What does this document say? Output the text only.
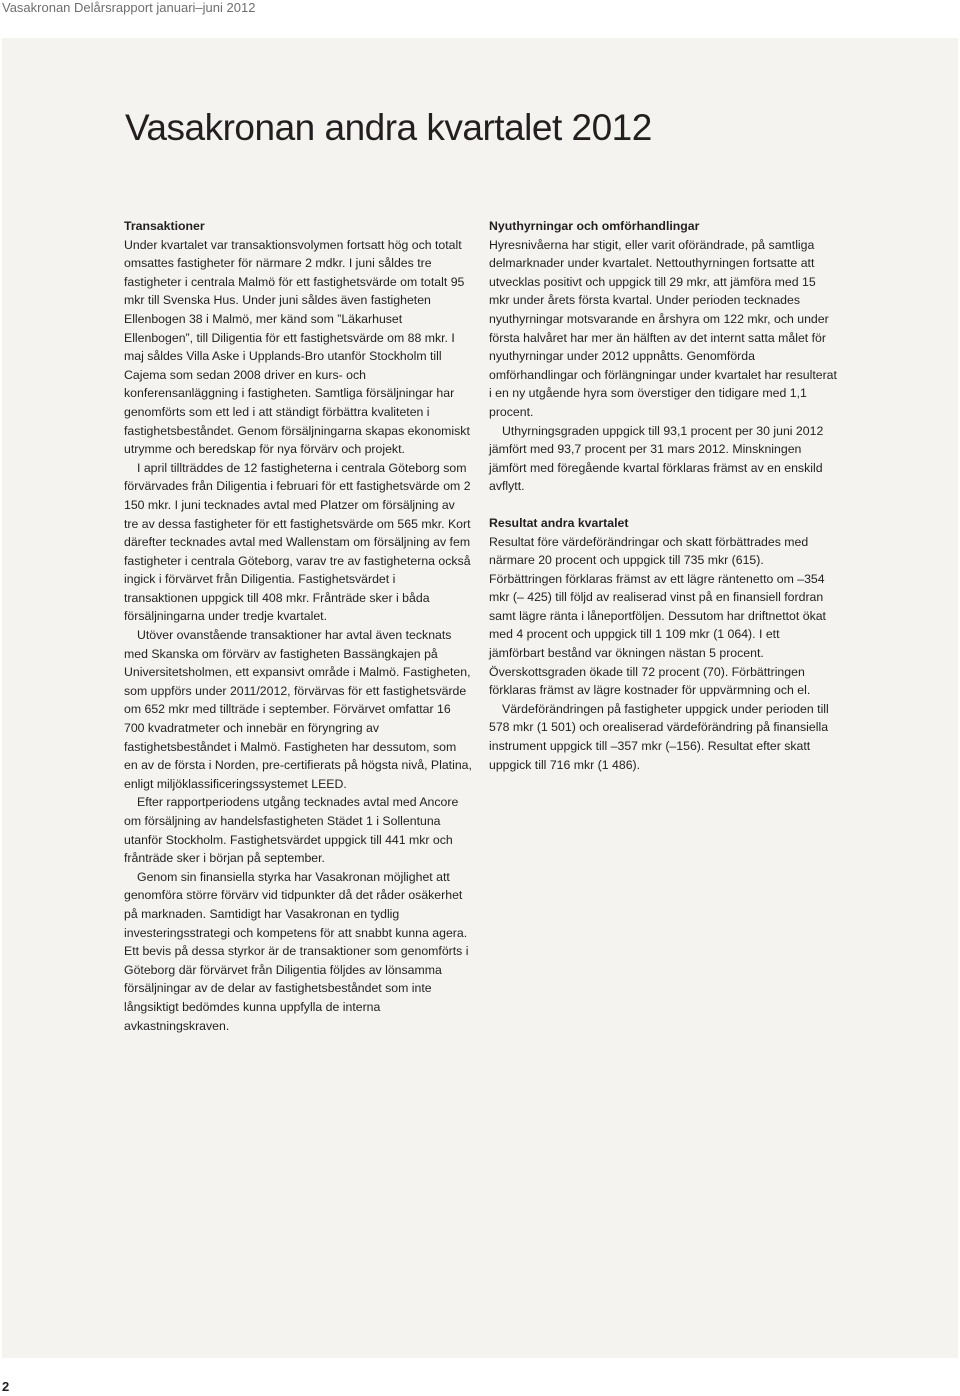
Vasakronan Delårsrapport januari–juni 2012
Vasakronan andra kvartalet 2012
Transaktioner

Under kvartalet var transaktionsvolymen fortsatt hög och totalt omsattes fastigheter för närmare 2 mdkr. I juni såldes tre fastigheter i centrala Malmö för ett fastighetsvärde om totalt 95 mkr till Svenska Hus. Under juni såldes även fastigheten Ellenbogen 38 i Malmö, mer känd som ”Läkarhuset Ellenbogen”, till Diligentia för ett fastighetsvärde om 88 mkr. I maj såldes Villa Aske i Upplands-Bro utanför Stockholm till Cajema som sedan 2008 driver en kurs- och konferensanläggning i fastigheten. Samtliga försäljningar har genomförts som ett led i att ständigt förbättra kvaliteten i fastighetsbeståndet. Genom försäljningarna skapas ekonomiskt utrymme och beredskap för nya förvärv och projekt.

I april tillträddes de 12 fastigheterna i centrala Göteborg som förvärvades från Diligentia i februari för ett fastighetsvärde om 2 150 mkr. I juni tecknades avtal med Platzer om försäljning av tre av dessa fastigheter för ett fastighetsvärde om 565 mkr. Kort därefter tecknades avtal med Wallenstam om försäljning av fem fastigheter i centrala Göteborg, varav tre av fastigheterna också ingick i förvärvet från Diligentia. Fastighetsvärdet i transaktionen uppgick till 408 mkr. Frånträde sker i båda försäljningarna under tredje kvartalet.

Utöver ovanstående transaktioner har avtal även tecknats med Skanska om förvärv av fastigheten Bassängkajen på Universitetsholmen, ett expansivt område i Malmö. Fastigheten, som uppförs under 2011/2012, förvärvas för ett fastighetsvärde om 652 mkr med tillträde i september. Förvärvet omfattar 16 700 kvadratmeter och innebär en föryngring av fastighetsbeståndet i Malmö. Fastigheten har dessutom, som en av de första i Norden, pre-certifierats på högsta nivå, Platina, enligt miljöklassificeringssystemet LEED.

Efter rapportperiodens utgång tecknades avtal med Ancore om försäljning av handelsfastigheten Städet 1 i Sollentuna utanför Stockholm. Fastighetsvärdet uppgick till 441 mkr och frånträde sker i början på september.

Genom sin finansiella styrka har Vasakronan möjlighet att genomföra större förvärv vid tidpunkter då det råder osäkerhet på marknaden. Samtidigt har Vasakronan en tydlig investeringsstrategi och kompetens för att snabbt kunna agera. Ett bevis på dessa styrkor är de transaktioner som genomförts i Göteborg där förvärvet från Diligentia följdes av lönsamma försäljningar av de delar av fastighetsbeståndet som inte långsiktigt bedömdes kunna uppfylla de interna avkastningskraven.

Nyuthyrningar och omförhandlingar

Hyresnivåerna har stigit, eller varit oförändrade, på samtliga delmarknader under kvartalet. Nettouthyrningen fortsatte att utvecklas positivt och uppgick till 29 mkr, att jämföra med 15 mkr under årets första kvartal. Under perioden tecknades nyuthyrningar motsvarande en årshyra om 122 mkr, och under första halvåret har mer än hälften av det internt satta målet för nyuthyrningar under 2012 uppnåtts. Genomförda omförhandlingar och förlängningar under kvartalet har resulterat i en ny utgående hyra som överstiger den tidigare med 1,1 procent.

Uthyrningsgraden uppgick till 93,1 procent per 30 juni 2012 jämfört med 93,7 procent per 31 mars 2012. Minskningen jämfört med föregående kvartal förklaras främst av en enskild avflytt.

Resultat andra kvartalet

Resultat före värdeförändringar och skatt förbättrades med närmare 20 procent och uppgick till 735 mkr (615). Förbättringen förklaras främst av ett lägre räntenetto om –354 mkr (– 425) till följd av realiserad vinst på en finansiell fordran samt lägre ränta i låneportföljen. Dessutom har driftnettot ökat med 4 procent och uppgick till 1 109 mkr (1 064). I ett jämförbart bestånd var ökningen nästan 5 procent. Överskottsgraden ökade till 72 procent (70). Förbättringen förklaras främst av lägre kostnader för uppvärmning och el.

Värdeförändringen på fastigheter uppgick under perioden till 578 mkr (1 501) och orealiserad värdeförändring på finansiella instrument uppgick till –357 mkr (–156). Resultat efter skatt uppgick till 716 mkr (1 486).

2
